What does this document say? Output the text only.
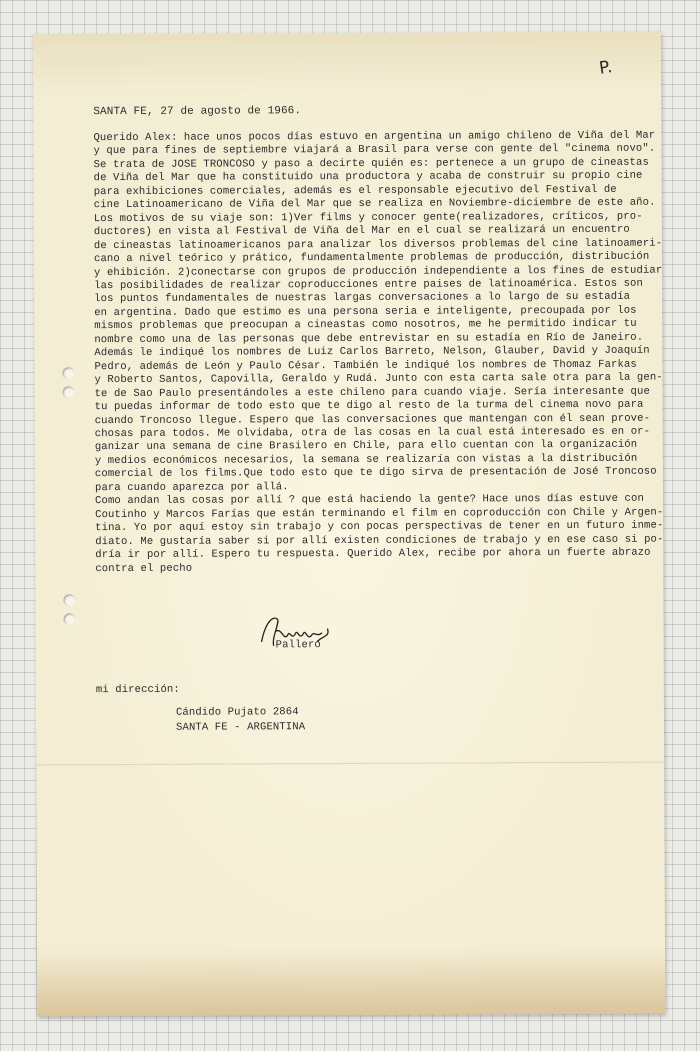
P.
SANTA FE, 27 de agosto de 1966.
Querido Alex: hace unos pocos días estuvo en argentina un amigo chileno de Viña del Mar
y que para fines de septiembre viajará a Brasil para verse con gente del "cinema novo".
Se trata de JOSE TRONCOSO y paso a decirte quién es: pertenece a un grupo de cineastas
de Viña del Mar que ha constituido una productora y acaba de construir su propio cine
para exhibiciones comerciales, además es el responsable ejecutivo del Festival de
cine Latinoamericano de Viña del Mar que se realiza en Noviembre-diciembre de este año.
Los motivos de su viaje son: 1)Ver films y conocer gente(realizadores, críticos, pro-
ductores) en vista al Festival de Viña del Mar en el cual se realizará un encuentro
de cineastas latinoamericanos para analizar los diversos problemas del cine latinoameri-
cano a nivel teórico y prático, fundamentalmente problemas de producción, distribución
y ehibición. 2)conectarse con grupos de producción independiente a los fines de estudiar
las posibilidades de realizar coproducciones entre paises de latinoamérica. Estos son
los puntos fundamentales de nuestras largas conversaciones a lo largo de su estadía
en argentina. Dado que estimo es una persona seria e inteligente, precoupada por los
mismos problemas que preocupan a cineastas como nosotros, me he permitido indicar tu
nombre como una de las personas que debe entrevistar en su estadía en Río de Janeiro.
Además le indiqué los nombres de Luiz Carlos Barreto, Nelson, Glauber, David y Joaquín
Pedro, además de León y Paulo César. También le indiqué los nombres de Thomaz Farkas
y Roberto Santos, Capovilla, Geraldo y Rudá. Junto con esta carta sale otra para la gen-
te de Sao Paulo presentándoles a este chileno para cuando viaje. Sería interesante que
tu puedas informar de todo esto que te digo al resto de la turma del cinema novo para
cuando Troncoso llegue. Espero que las conversaciones que mantengan con él sean prove-
chosas para todos. Me olvidaba, otra de las cosas en la cual está interesado es en or-
ganizar una semana de cine Brasilero en Chile, para ello cuentan con la organización
y medios económicos necesarios, la semana se realizaría con vistas a la distribución
comercial de los films.Que todo esto que te digo sirva de presentación de José Troncoso
para cuando aparezca por allá.
Como andan las cosas por allí ? que está haciendo la gente? Hace unos días estuve con
Coutinho y Marcos Farías que están terminando el film en coproducción con Chile y Argen-
tina. Yo por aquí estoy sin trabajo y con pocas perspectivas de tener en un futuro inme-
diato. Me gustaría saber si por allí existen condiciones de trabajo y en ese caso si po-
dría ir por allí. Espero tu respuesta. Querido Alex, recibe por ahora un fuerte abrazo
contra el pecho
Pallero
mi dirección:
Cándido Pujato 2864
SANTA FE - ARGENTINA
